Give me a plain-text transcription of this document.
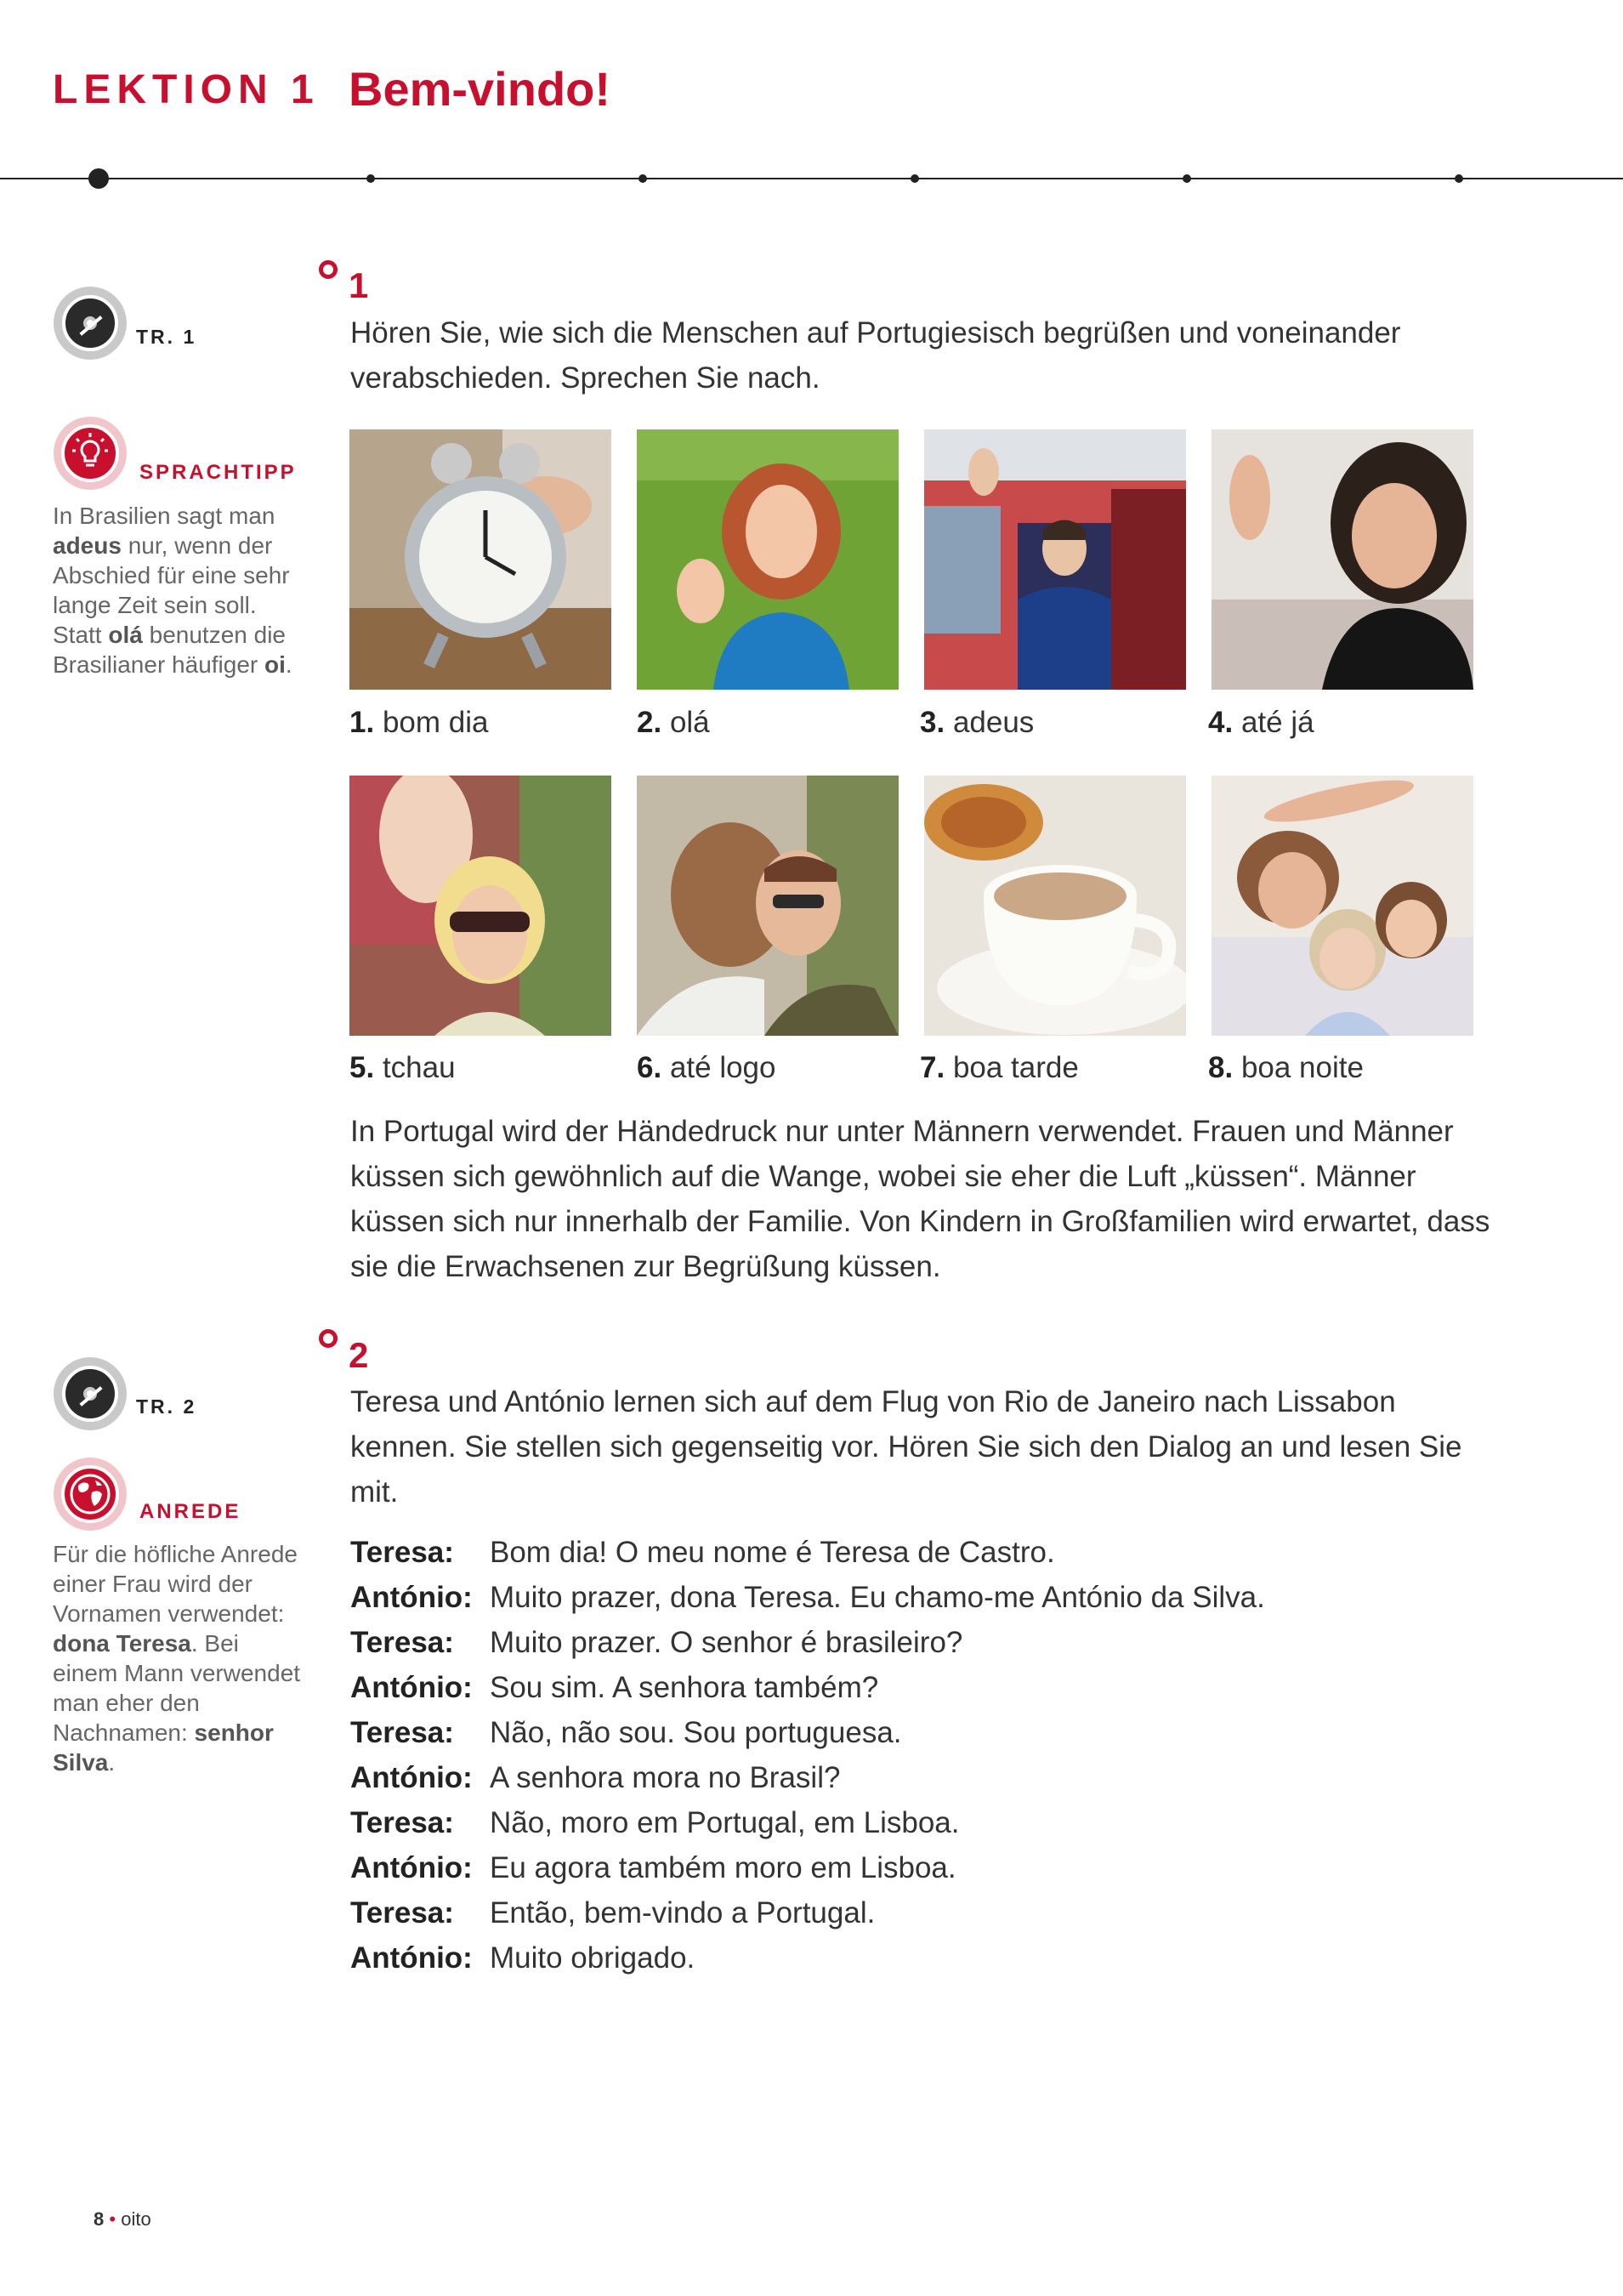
LEKTION 1 Bem-vindo!
TR. 1
SPRACHTIPP
In Brasilien sagt man adeus nur, wenn der Abschied für eine sehr lange Zeit sein soll. Statt olá benutzen die Brasilianer häufiger oi.
1
Hören Sie, wie sich die Menschen auf Portugiesisch begrüßen und voneinander verabschieden. Sprechen Sie nach.
1. bom dia	2. olá	3. adeus	4. até já
5. tchau	6. até logo	7. boa tarde	8. boa noite
In Portugal wird der Händedruck nur unter Männern verwendet. Frauen und Männer küssen sich gewöhnlich auf die Wange, wobei sie eher die Luft „küssen“. Männer küssen sich nur innerhalb der Familie. Von Kindern in Großfamilien wird erwartet, dass sie die Erwachsenen zur Begrüßung küssen.
TR. 2
ANREDE
Für die höfliche Anrede einer Frau wird der Vornamen verwendet: dona Teresa. Bei einem Mann verwendet man eher den Nachnamen: senhor Silva.
2
Teresa und António lernen sich auf dem Flug von Rio de Janeiro nach Lissabon kennen. Sie stellen sich gegenseitig vor. Hören Sie sich den Dialog an und lesen Sie mit.
Teresa: Bom dia! O meu nome é Teresa de Castro.
António: Muito prazer, dona Teresa. Eu chamo-me António da Silva.
Teresa: Muito prazer. O senhor é brasileiro?
António: Sou sim. A senhora também?
Teresa: Não, não sou. Sou portuguesa.
António: A senhora mora no Brasil?
Teresa: Não, moro em Portugal, em Lisboa.
António: Eu agora também moro em Lisboa.
Teresa: Então, bem-vindo a Portugal.
António: Muito obrigado.
8 • oito
